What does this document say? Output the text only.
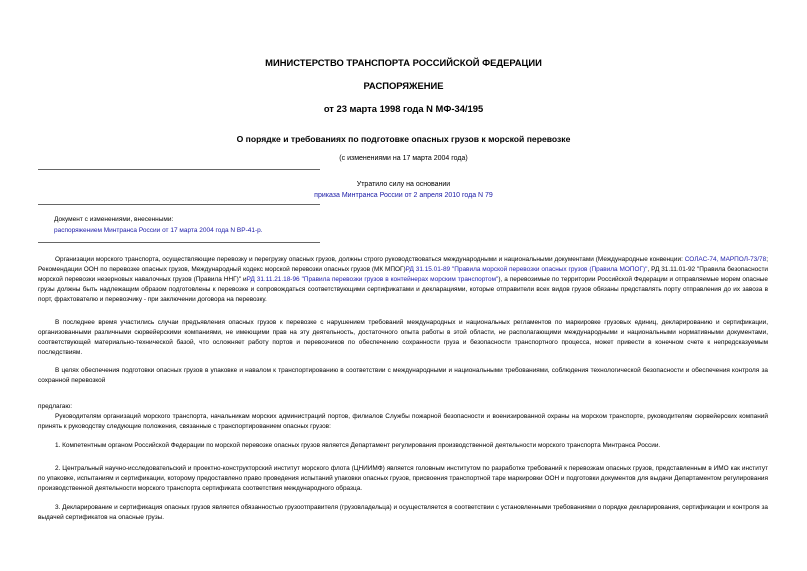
МИНИСТЕРСТВО ТРАНСПОРТА РОССИЙСКОЙ ФЕДЕРАЦИИ
РАСПОРЯЖЕНИЕ
от 23 марта 1998 года N МФ-34/195
О порядке и требованиях по подготовке опасных грузов к морской перевозке
(с изменениями на 17 марта 2004 года)
Утратило силу на основании
приказа Минтранса России от 2 апреля 2010 года N 79
Документ с изменениями, внесенными:
распоряжением Минтранса России от 17 марта 2004 года N ВР-41-р.
Организации морского транспорта, осуществляющие перевозку и перегрузку опасных грузов, должны строго руководствоваться международными и национальными документами (Международные конвенции: СОЛАС-74, МАРПОЛ-73/78; Рекомендации ООН по перевозке опасных грузов, Международный кодекс морской перевозки опасных грузов (МК МПОГ)РД 31.15.01-89 "Правила морской перевозки опасных грузов (Правила МОПОГ)", РД 31.11.01-92 "Правила безопасности морской перевозки незерновых навалочных грузов (Правила ННГ)" иРД 31.11.21.18-96 "Правила перевозки грузов в контейнерах морским транспортом"), а перевозимые по территории Российской Федерации и отправляемые морем опасные грузы должны быть надлежащим образом подготовлены к перевозке и сопровождаться соответствующими сертификатами и декларациями, которые отправители всех видов грузов обязаны представлять порту отправления до их завоза в порт, фрахтователю и перевозчику - при заключении договора на перевозку.
В последнее время участились случаи предъявления опасных грузов к перевозке с нарушением требований международных и национальных регламентов по маркировке грузовых единиц, декларированию и сертификации, организованными различными сюрвейерскими компаниями, не имеющими прав на эту деятельность, достаточного опыта работы в этой области, не располагающими международными и национальными нормативными документами, соответствующей материально-технической базой, что осложняет работу портов и перевозчиков по обеспечению сохранности груза и безопасности транспортного процесса, может привести в конечном счете к непредсказуемым последствиям.
В целях обеспечения подготовки опасных грузов в упаковке и навалом к транспортированию в соответствии с международными и национальными требованиями, соблюдения технологической безопасности и обеспечения контроля за сохранной перевозкой
предлагаю:
Руководителям организаций морского транспорта, начальникам морских администраций портов, филиалов Службы пожарной безопасности и военизированной охраны на морском транспорте, руководителям сюрвейерских компаний принять к руководству следующие положения, связанные с транспортированием опасных грузов:
1. Компетентным органом Российской Федерации по морской перевозке опасных грузов является Департамент регулирования производственной деятельности морского транспорта Минтранса России.
2. Центральный научно-исследовательский и проектно-конструкторский институт морского флота (ЦНИИМФ) является головным институтом по разработке требований к перевозкам опасных грузов, представленным в ИМО как институт по упаковке, испытаниям и сертификации, которому предоставлено право проведения испытаний упаковки опасных грузов, присвоения транспортной таре маркировки ООН и подготовки документов для выдачи Департаментом регулирования производственной деятельности морского транспорта сертификата соответствия международного образца.
3. Декларирование и сертификация опасных грузов является обязанностью грузоотправителя (грузовладельца) и осуществляется в соответствии с установленными требованиями о порядке декларирования, сертификации и контроля за выдачей сертификатов на опасные грузы.
